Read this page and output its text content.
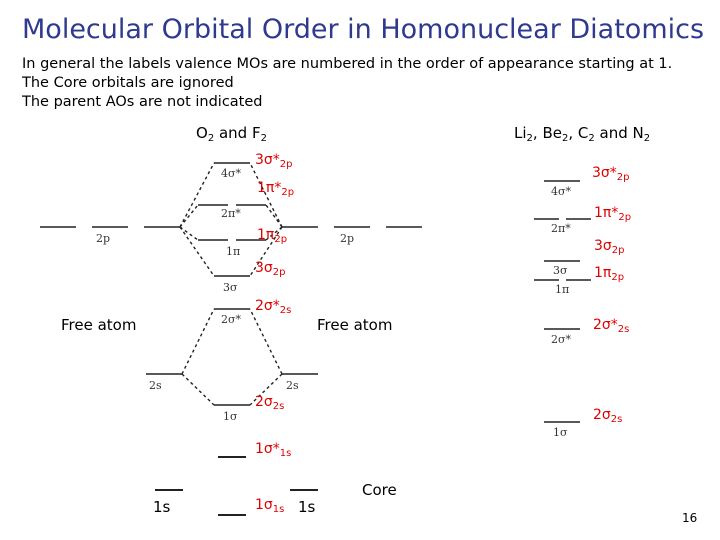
Molecular Orbital Order in Homonuclear Diatomics
In general the labels valence MOs are numbered in the order of appearance starting at 1.
The Core orbitals are ignored
The parent AOs are not indicated
$O_2$ and $F_2$	$Li_2$, $Be_2$, $C_2$ and $N_2$
4σ*
2π*
1π
3σ
2σ*
1σ
2p	2p
2s	2s
Free atom	Free atom
$3\sigma*_{2p}$
$1\pi*_{2p}$
$1\pi_{2p}$
$3\sigma_{2p}$
$2\sigma*_{2s}$
$2\sigma_{2s}$
$1\sigma*_{1s}$
$1\sigma_{1s}$
Core
1s	1s
4σ*
2π*
3σ
1π
2σ*
1σ
$3\sigma*_{2p}$
$1\pi*_{2p}$
$3\sigma_{2p}$
$1\pi_{2p}$
$2\sigma*_{2s}$
$2\sigma_{2s}$
16
